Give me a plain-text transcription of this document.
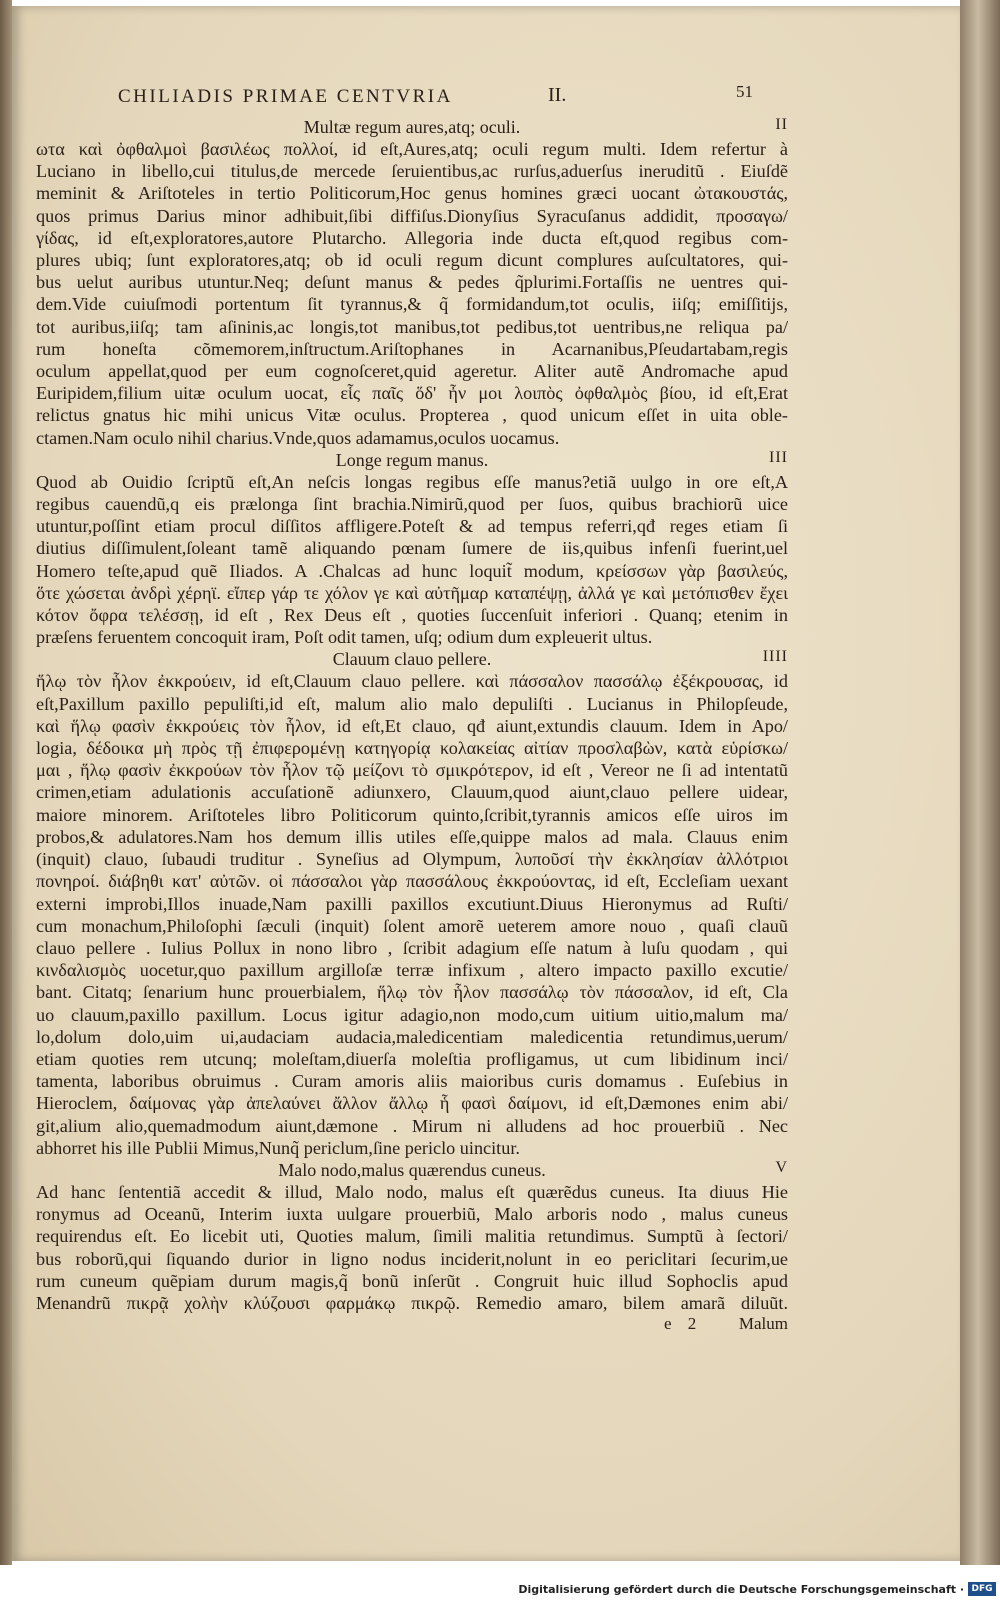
CHILIADIS PRIMAE CENTVRIA	II.	51
Multæ regum aures,atq; oculi.	II
ωτα καὶ ὀφθαλμοὶ βασιλέως πολλοί, id eſt,Aures,atq; oculi regum multi. Idem refertur à
Luciano in libello,cui titulus,de mercede ſeruientibus,ac rurſus,aduerſus ineruditũ . Eiuſdẽ
meminit & Ariſtoteles in tertio Politicorum,Hoc genus homines græci uocant ὠτακουστάς,
quos primus Darius minor adhibuit,ſibi diffiſus.Dionyſius Syracuſanus addidit, προσαγω/
γίδας, id eſt,exploratores,autore Plutarcho. Allegoria inde ducta eſt,quod regibus com-
plures ubiq; ſunt exploratores,atq; ob id oculi regum dicunt complures auſcultatores, qui-
bus uelut auribus utuntur.Neq; deſunt manus & pedes q̃plurimi.Fortaſſis ne uentres qui-
dem.Vide cuiuſmodi portentum ſit tyrannus,& q̃ formidandum,tot oculis, iiſq; emiſſitijs,
tot auribus,iiſq; tam aſininis,ac longis,tot manibus,tot pedibus,tot uentribus,ne reliqua pa/
rum honeſta cõmemorem,inſtructum.Ariſtophanes in Acarnanibus,Pſeudartabam,regis
oculum appellat,quod per eum cognoſceret,quid ageretur. Aliter autẽ Andromache apud
Euripidem,filium uitæ oculum uocat, εἷς παῖς ὅδ' ἦν μοι λοιπὸς ὀφθαλμὸς βίου, id eſt,Erat
relictus gnatus hic mihi unicus Vitæ oculus. Propterea , quod unicum eſſet in uita oble-
ctamen.Nam oculo nihil charius.Vnde,quos adamamus,oculos uocamus.
Longe regum manus.	III
Quod ab Ouidio ſcriptũ eſt,An neſcis longas regibus eſſe manus?etiã uulgo in ore eſt,A
regibus cauendũ,q eis prælonga ſint brachia.Nimirũ,quod per ſuos, quibus brachiorũ uice
utuntur,poſſint etiam procul diſſitos affligere.Poteſt & ad tempus referri,qđ reges etiam ſi
diutius diſſimulent,ſoleant tamẽ aliquando pœnam ſumere de iis,quibus infenſi fuerint,uel
Homero teſte,apud quẽ Iliados. A .Chalcas ad hunc loquit̃ modum, κρείσσων γὰρ βασιλεύς,
ὅτε χώσεται ἀνδρὶ χέρηϊ. εἴπερ γάρ τε χόλον γε καὶ αὐτῆμαρ καταπέψῃ, ἀλλά γε καὶ μετόπισθεν ἔχει
κότον ὄφρα τελέσσῃ, id eſt , Rex Deus eſt , quoties ſuccenſuit inferiori . Quanq; etenim in
præſens feruentem concoquit iram, Poſt odit tamen, uſq; odium dum expleuerit ultus.
Clauum clauo pellere.	IIII
ἥλῳ τὸν ἧλον ἐκκρούειν, id eſt,Clauum clauo pellere. καὶ πάσσαλον πασσάλῳ ἐξέκρουσας, id
eſt,Paxillum paxillo pepuliſti,id eſt, malum alio malo depuliſti . Lucianus in Philopſeude,
καὶ ἥλῳ φασὶν ἐκκρούεις τὸν ἧλον, id eſt,Et clauo, qđ aiunt,extundis clauum. Idem in Apo/
logia, δέδοικα μὴ πρὸς τῇ ἐπιφερομένῃ κατηγορίᾳ κολακείας αἰτίαν προσλαβὼν, κατὰ εὑρίσκω/
μαι , ἥλῳ φασὶν ἐκκρούων τὸν ἧλον τῷ μείζονι τὸ σμικρότερον, id eſt , Vereor ne ſi ad intentatũ
crimen,etiam adulationis accuſationẽ adiunxero, Clauum,quod aiunt,clauo pellere uidear,
maiore minorem. Ariſtoteles libro Politicorum quinto,ſcribit,tyrannis amicos eſſe uiros im
probos,& adulatores.Nam hos demum illis utiles eſſe,quippe malos ad mala. Clauus enim
(inquit) clauo, ſubaudi truditur . Syneſius ad Olympum, λυποῦσί τὴν ἐκκλησίαν ἀλλότριοι
πονηροί. διάβηθι κατ' αὐτῶν. οἱ πάσσαλοι γὰρ πασσάλους ἐκκρούοντας, id eſt, Eccleſiam uexant
externi improbi,Illos inuade,Nam paxilli paxillos excutiunt.Diuus Hieronymus ad Ruſti/
cum monachum,Philoſophi ſæculi (inquit) ſolent amorẽ ueterem amore nouo , quaſi clauũ
clauo pellere . Iulius Pollux in nono libro , ſcribit adagium eſſe natum à luſu quodam , qui
κινδαλισμὸς uocetur,quo paxillum argilloſæ terræ infixum , altero impacto paxillo excutie/
bant. Citatq; ſenarium hunc prouerbialem, ἥλῳ τὸν ἧλον πασσάλῳ τὸν πάσσαλον, id eſt, Cla
uo clauum,paxillo paxillum. Locus igitur adagio,non modo,cum uitium uitio,malum ma/
lo,dolum dolo,uim ui,audaciam audacia,maledicentiam maledicentia retundimus,uerum/
etiam quoties rem utcunq; moleſtam,diuerſa moleſtia profligamus, ut cum libidinum inci/
tamenta, laboribus obruimus . Curam amoris aliis maioribus curis domamus . Euſebius in
Hieroclem, δαίμονας γὰρ ἀπελαύνει ἄλλον ἄλλῳ ἧ φασὶ δαίμονι, id eſt,Dæmones enim abi/
git,alium alio,quemadmodum aiunt,dæmone . Mirum ni alludens ad hoc prouerbiũ . Nec
abhorret his ille Publii Mimus,Nunq̃ periclum,ſine periclo uincitur.
Malo nodo,malus quærendus cuneus.	V
Ad hanc ſententiã accedit & illud, Malo nodo, malus eſt quærẽdus cuneus. Ita diuus Hie
ronymus ad Oceanũ, Interim iuxta uulgare prouerbiũ, Malo arboris nodo , malus cuneus
requirendus eſt. Eo licebit uti, Quoties malum, ſimili malitia retundimus. Sumptũ à ſectori/
bus roborũ,qui ſiquando durior in ligno nodus inciderit,nolunt in eo periclitari ſecurim,ue
rum cuneum quẽpiam durum magis,q̃ bonũ inſerũt . Congruit huic illud Sophoclis apud
Menandrũ πικρᾷ χολὴν κλύζουσι φαρμάκῳ πικρῷ. Remedio amaro, bilem amarã diluũt.
e 2 Malum
Digitalisierung gefördert durch die Deutsche Forschungsgemeinschaft · DFG
